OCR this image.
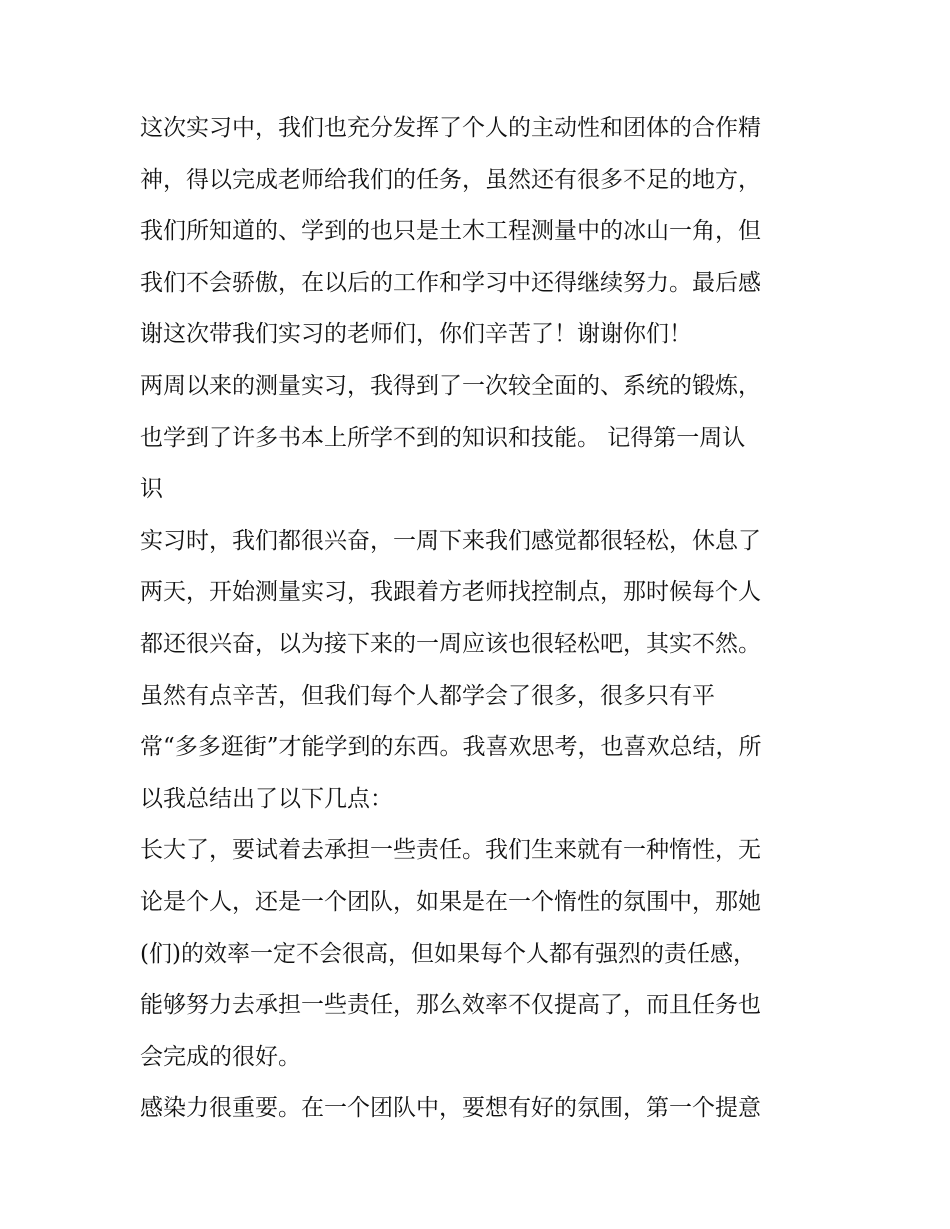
这次实习中，我们也充分发挥了个人的主动性和团体的合作精
神，得以完成老师给我们的任务，虽然还有很多不足的地方，
我们所知道的、学到的也只是土木工程测量中的冰山一角，但
我们不会骄傲，在以后的工作和学习中还得继续努力。最后感
谢这次带我们实习的老师们，你们辛苦了！谢谢你们！
两周以来的测量实习，我得到了一次较全面的、系统的锻炼，
也学到了许多书本上所学不到的知识和技能。 记得第一周认
识
实习时，我们都很兴奋，一周下来我们感觉都很轻松，休息了
两天，开始测量实习，我跟着方老师找控制点，那时候每个人
都还很兴奋，以为接下来的一周应该也很轻松吧，其实不然。
虽然有点辛苦，但我们每个人都学会了很多，很多只有平
常“多多逛街”才能学到的东西。我喜欢思考，也喜欢总结，所
以我总结出了以下几点：
长大了，要试着去承担一些责任。我们生来就有一种惰性，无
论是个人，还是一个团队，如果是在一个惰性的氛围中，那她
(们)的效率一定不会很高，但如果每个人都有强烈的责任感，
能够努力去承担一些责任，那么效率不仅提高了，而且任务也
会完成的很好。
感染力很重要。在一个团队中，要想有好的氛围，第一个提意
